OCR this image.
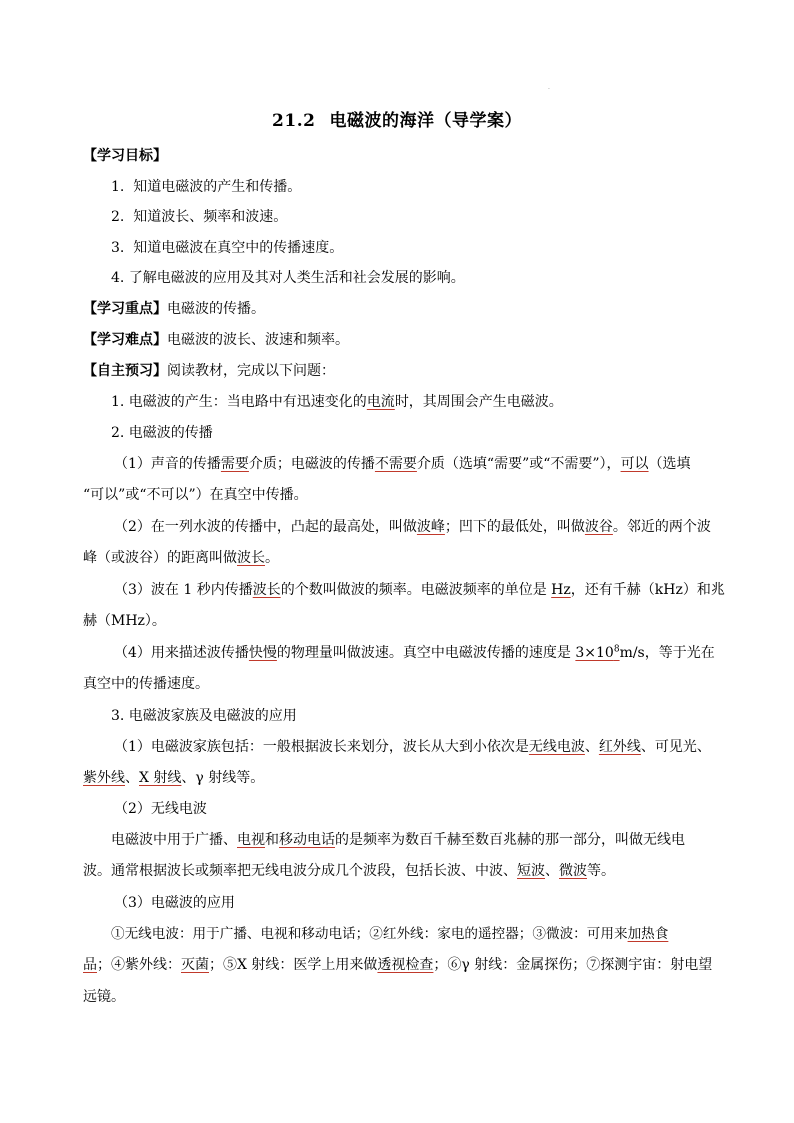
.
21.2 电磁波的海洋（导学案）
【学习目标】
1. 知道电磁波的产生和传播。
2. 知道波长、频率和波速。
3. 知道电磁波在真空中的传播速度。
4. 了解电磁波的应用及其对人类生活和社会发展的影响。
【学习重点】电磁波的传播。
【学习难点】电磁波的波长、波速和频率。
【自主预习】阅读教材，完成以下问题：
1. 电磁波的产生：当电路中有迅速变化的电流时，其周围会产生电磁波。
2. 电磁波的传播
（1）声音的传播需要介质；电磁波的传播不需要介质（选填“需要”或“不需要”），可以（选填
“可以”或“不可以”）在真空中传播。
（2）在一列水波的传播中，凸起的最高处，叫做波峰；凹下的最低处，叫做波谷。邻近的两个波
峰（或波谷）的距离叫做波长。
（3）波在 1 秒内传播波长的个数叫做波的频率。电磁波频率的单位是 Hz，还有千赫（kHz）和兆
赫（MHz）。
（4）用来描述波传播快慢的物理量叫做波速。真空中电磁波传播的速度是 $3\times 10^8m/s$，等于光在
真空中的传播速度。
3. 电磁波家族及电磁波的应用
（1）电磁波家族包括：一般根据波长来划分，波长从大到小依次是无线电波、红外线、可见光、
紫外线、X 射线、γ 射线等。
（2）无线电波
电磁波中用于广播、电视和移动电话的是频率为数百千赫至数百兆赫的那一部分，叫做无线电
波。通常根据波长或频率把无线电波分成几个波段，包括长波、中波、短波、微波等。
（3）电磁波的应用
①无线电波：用于广播、电视和移动电话；②红外线：家电的遥控器；③微波：可用来加热食
品；④紫外线：灭菌；⑤X 射线：医学上用来做透视检查；⑥γ 射线：金属探伤；⑦探测宇宙：射电望
远镜。
